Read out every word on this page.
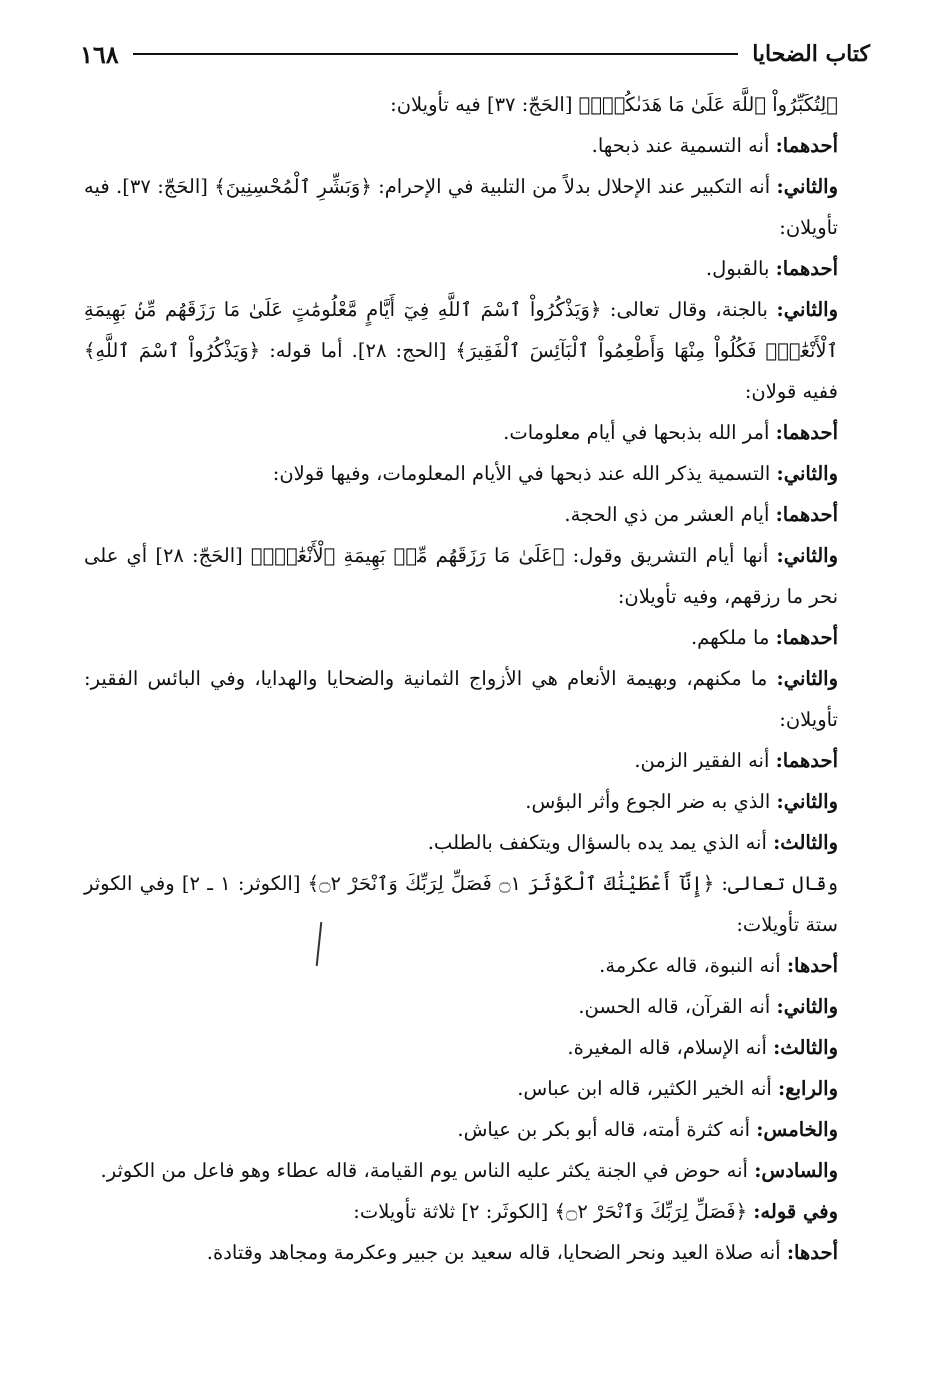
كتاب الضحايا
١٦٨
﴿لِتُكَبِّرُواْ ٱللَّهَ عَلَىٰ مَا هَدَىٰكُمْۗ﴾ [الحَجّ: ٣٧] فيه تأويلان:
أحدهما: أنه التسمية عند ذبحها.
والثاني: أنه التكبير عند الإحلال بدلاً من التلبية في الإحرام: ﴿وَبَشِّرِ ٱلْمُحْسِنِينَ﴾ [الحَجّ: ٣٧]. فيه تأويلان:
أحدهما: بالقبول.
والثاني: بالجنة، وقال تعالى: ﴿وَيَذْكُرُواْ ٱسْمَ ٱللَّهِ فِيٓ أَيَّامٍ مَّعْلُومَٰتٍ عَلَىٰ مَا رَزَقَهُم مِّنۢ بَهِيمَةِ ٱلْأَنْعَٰمِۖ فَكُلُواْ مِنْهَا وَأَطْعِمُواْ ٱلْبَآئِسَ ٱلْفَقِيرَ﴾ [الحج: ٢٨]. أما قوله: ﴿وَيَذْكُرُواْ ٱسْمَ ٱللَّهِ﴾ ففيه قولان:
أحدهما: أمر الله بذبحها في أيام معلومات.
والثاني: التسمية يذكر الله عند ذبحها في الأيام المعلومات، وفيها قولان:
أحدهما: أيام العشر من ذي الحجة.
والثاني: أنها أيام التشريق وقول: ﴿عَلَىٰ مَا رَزَقَهُم مِّنۢ بَهِيمَةِ ٱلْأَنْعَٰمِۖ﴾ [الحَجّ: ٢٨] أي على نحر ما رزقهم، وفيه تأويلان:
أحدهما: ما ملكهم.
والثاني: ما مكنهم، وبهيمة الأنعام هي الأزواج الثمانية والضحايا والهدايا، وفي البائس الفقير: تأويلان:
أحدهما: أنه الفقير الزمن.
والثاني: الذي به ضر الجوع وأثر البؤس.
والثالث: أنه الذي يمد يده بالسؤال ويتكفف بالطلب.
وقال تعالى: ﴿إِنَّآ أَعْطَيْنَٰكَ ٱلْكَوْثَرَ ۝١ فَصَلِّ لِرَبِّكَ وَٱنْحَرْ ۝٢﴾ [الكوثر: ١ ـ ٢] وفي الكوثر ستة تأويلات:
أحدها: أنه النبوة، قاله عكرمة.
والثاني: أنه القرآن، قاله الحسن.
والثالث: أنه الإسلام، قاله المغيرة.
والرابع: أنه الخير الكثير، قاله ابن عباس.
والخامس: أنه كثرة أمته، قاله أبو بكر بن عياش.
والسادس: أنه حوض في الجنة يكثر عليه الناس يوم القيامة، قاله عطاء وهو فاعل من الكوثر.
وفي قوله: ﴿فَصَلِّ لِرَبِّكَ وَٱنْحَرْ ۝٢﴾ [الكوثَر: ٢] ثلاثة تأويلات:
أحدها: أنه صلاة العيد ونحر الضحايا، قاله سعيد بن جبير وعكرمة ومجاهد وقتادة.
